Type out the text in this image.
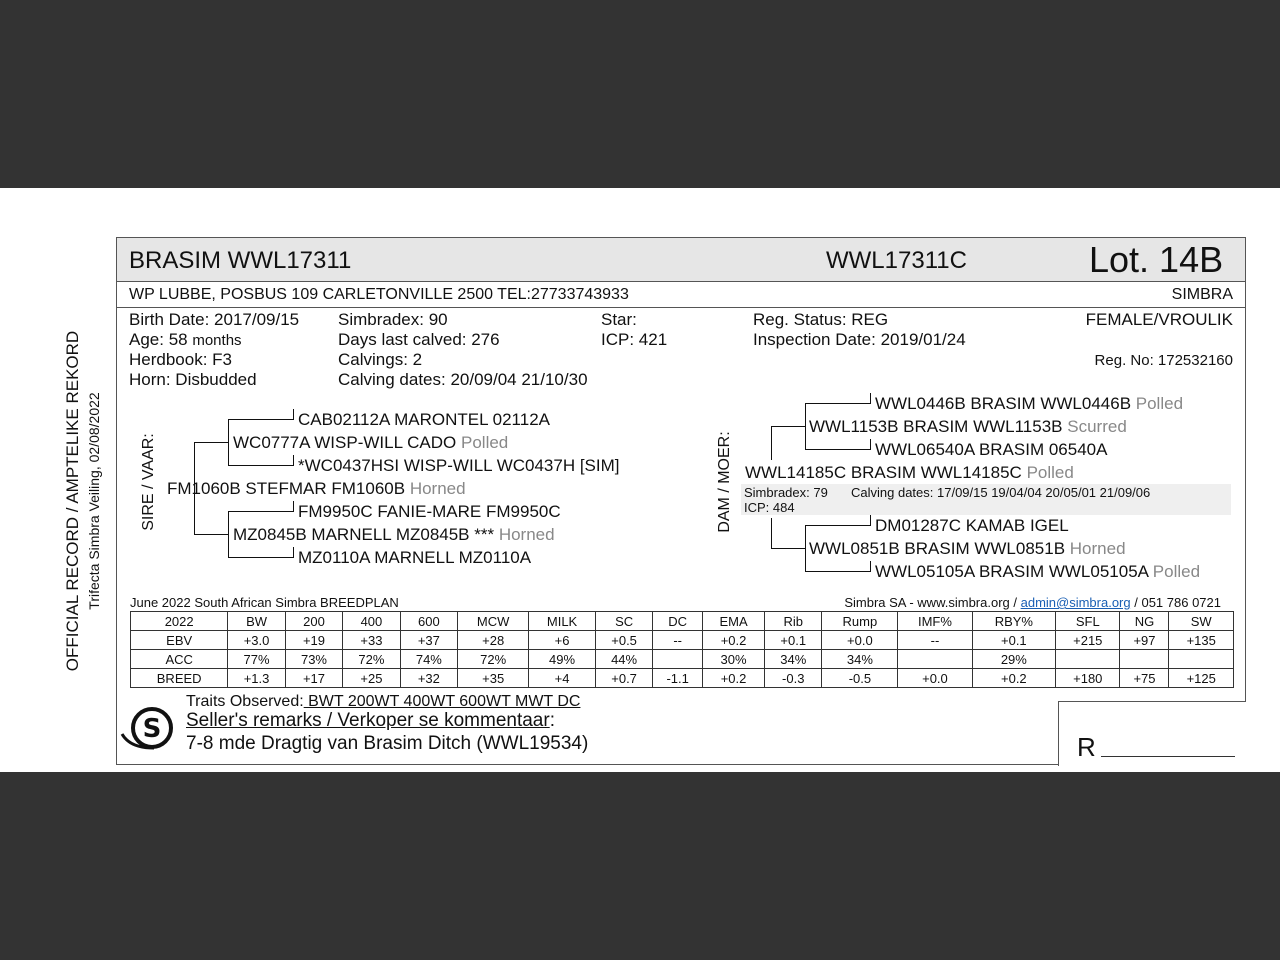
OFFICIAL RECORD / AMPTELIKE REKORD Trifecta Simbra Veiling, 02/08/2022
BRASIM WWL17311	WWL17311C	Lot. 14B
WP LUBBE, POSBUS 109 CARLETONVILLE 2500 TEL:27733743933	SIMBRA
Birth Date: 2017/09/15
Age: 58 months
Herdbook: F3
Horn: Disbudded
Simbradex: 90
Days last calved: 276
Calvings: 2
Calving dates: 20/09/04 21/10/30
Star:
ICP: 421
Reg. Status: REG
Inspection Date: 2019/01/24
FEMALE/VROULIK
Reg. No: 172532160
SIRE / VAAR:
CAB02112A MARONTEL 02112A
WC0777A WISP-WILL CADO Polled
*WC0437HSI WISP-WILL WC0437H [SIM]
FM1060B STEFMAR FM1060B Horned
FM9950C FANIE-MARE FM9950C
MZ0845B MARNELL MZ0845B *** Horned
MZ0110A MARNELL MZ0110A
DAM / MOER:
WWL0446B BRASIM WWL0446B Polled
WWL1153B BRASIM WWL1153B Scurred
WWL06540A BRASIM 06540A
WWL14185C BRASIM WWL14185C Polled
Simbradex: 79 Calving dates: 17/09/15 19/04/04 20/05/01 21/09/06
ICP: 484
DM01287C KAMAB IGEL
WWL0851B BRASIM WWL0851B Horned
WWL05105A BRASIM WWL05105A Polled
June 2022 South African Simbra BREEDPLAN	Simbra SA - www.simbra.org / admin@simbra.org / 051 786 0721
2022	BW	200	400	600	MCW	MILK	SC	DC	EMA	Rib	Rump	IMF%	RBY%	SFL	NG	SW
EBV	+3.0	+19	+33	+37	+28	+6	+0.5	--	+0.2	+0.1	+0.0	--	+0.1	+215	+97	+135
ACC	77%	73%	72%	74%	72%	49%	44%		30%	34%	34%		29%			
BREED	+1.3	+17	+25	+32	+35	+4	+0.7	-1.1	+0.2	-0.3	-0.5	+0.0	+0.2	+180	+75	+125
S
Traits Observed: BWT 200WT 400WT 600WT MWT DC
Seller's remarks / Verkoper se kommentaar:
7-8 mde Dragtig van Brasim Ditch (WWL19534)	R
